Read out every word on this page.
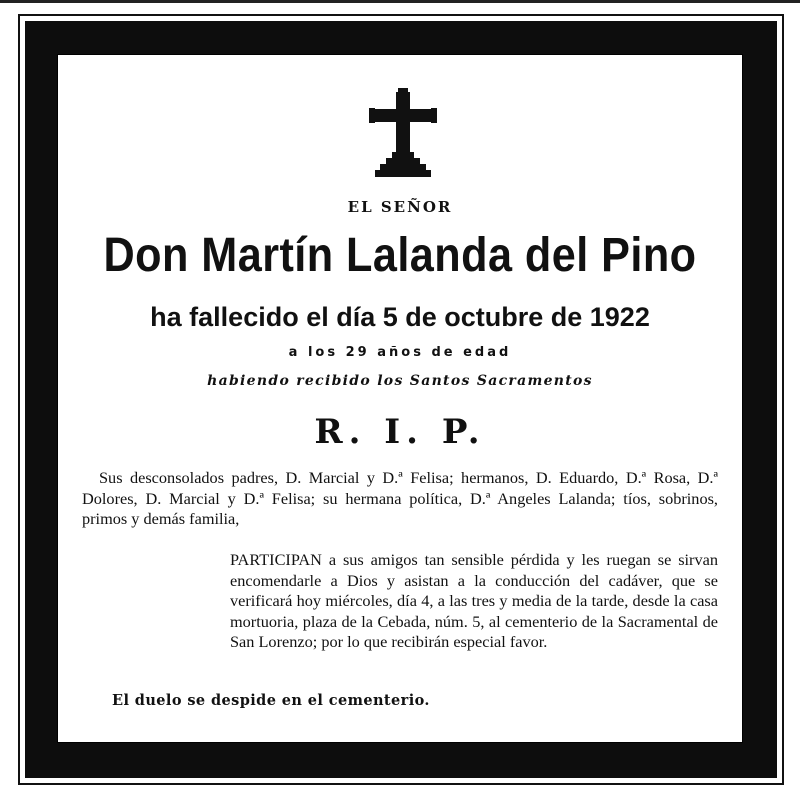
EL SEÑOR
Don Martín Lalanda del Pino
ha fallecido el día 5 de octubre de 1922
a los 29 años de edad
habiendo recibido los Santos Sacramentos
R. I. P.
Sus desconsolados padres, D. Marcial y D.ª Felisa; hermanos, D. Eduardo, D.ª Rosa, D.ª Dolores, D. Marcial y D.ª Felisa; su hermana política, D.ª Angeles Lalanda; tíos, sobrinos, primos y demás familia,
PARTICIPAN a sus amigos tan sensible pérdida y les ruegan se sirvan encomendarle a Dios y asistan a la conducción del cadáver, que se verificará hoy miércoles, día 4, a las tres y media de la tarde, desde la casa mortuoria, plaza de la Cebada, núm. 5, al cementerio de la Sacramental de San Lorenzo; por lo que recibirán especial favor.
El duelo se despide en el cementerio.
